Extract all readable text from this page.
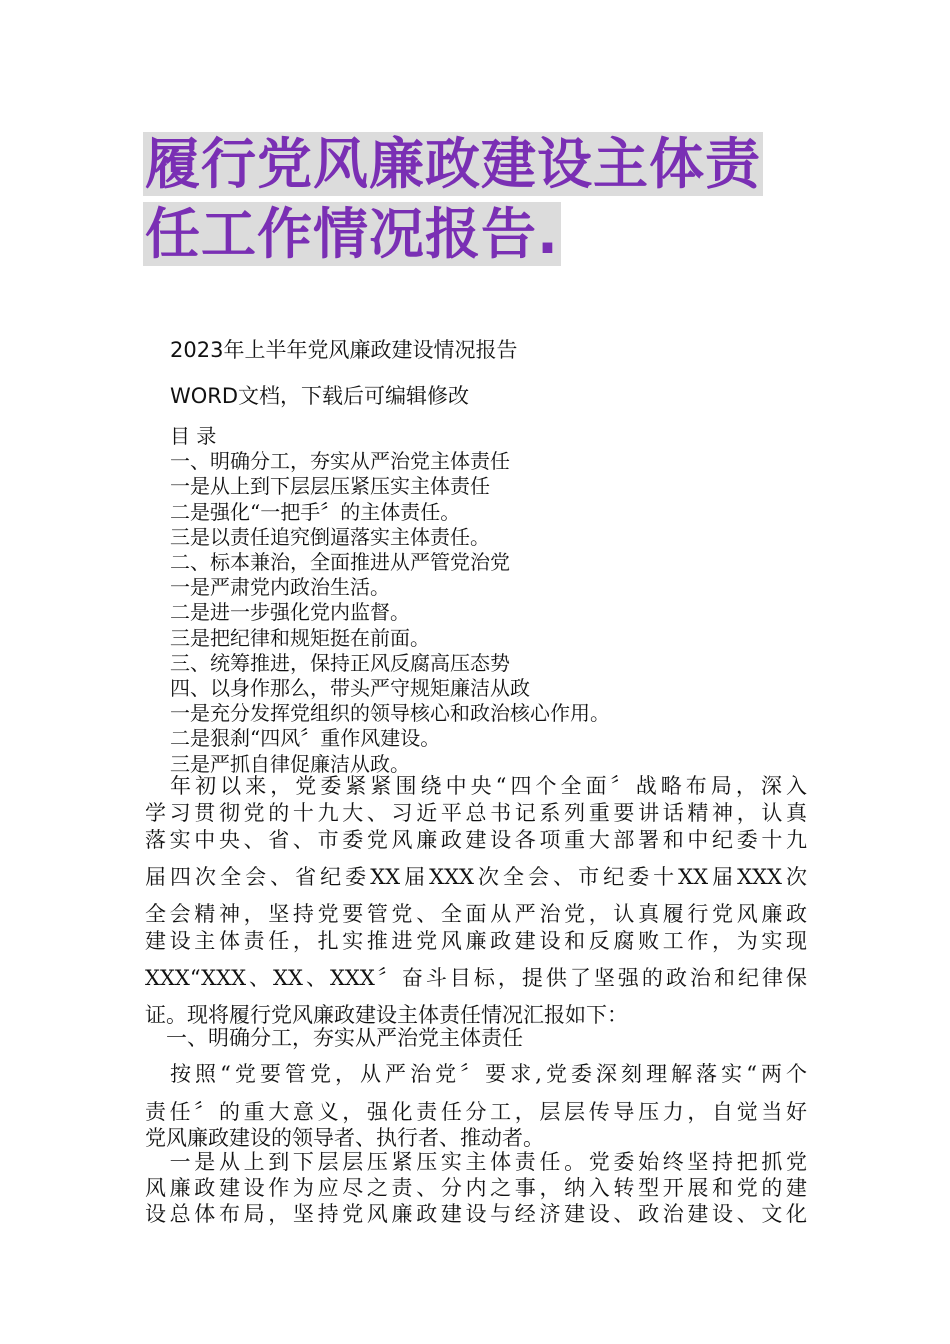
履行党风廉政建设主体责
任工作情况报告.
2023年上半年党风廉政建设情况报告
WORD文档，下载后可编辑修改
目 录
一、明确分工，夯实从严治党主体责任
一是从上到下层层压紧压实主体责任
二是强化“一把手〞的主体责任。
三是以责任追究倒逼落实主体责任。
二、标本兼治，全面推进从严管党治党
一是严肃党内政治生活。
二是进一步强化党内监督。
三是把纪律和规矩挺在前面。
三、统筹推进，保持正风反腐高压态势
四、以身作那么，带头严守规矩廉洁从政
一是充分发挥党组织的领导核心和政治核心作用。
二是狠刹“四风〞重作风建设。
三是严抓自律促廉洁从政。
　年初以来，党委紧紧围绕中央“四个全面〞战略布局，深入
学习贯彻党的十九大、习近平总书记系列重要讲话精神，认真
落实中央、省、市委党风廉政建设各项重大部署和中纪委十九
届四次全会、省纪委XX届XXX次全会、市纪委十XX届XXX次
全会精神，坚持党要管党、全面从严治党，认真履行党风廉政
建设主体责任，扎实推进党风廉政建设和反腐败工作，为实现
XXX“XXX、XX、XXX〞奋斗目标，提供了坚强的政治和纪律保
证。现将履行党风廉政建设主体责任情况汇报如下：
　一、明确分工，夯实从严治党主体责任
　按照“党要管党，从严治党〞要求,党委深刻理解落实“两个
责任〞的重大意义，强化责任分工，层层传导压力，自觉当好
党风廉政建设的领导者、执行者、推动者。
　一是从上到下层层压紧压实主体责任。党委始终坚持把抓党
风廉政建设作为应尽之责、分内之事，纳入转型开展和党的建
设总体布局，坚持党风廉政建设与经济建设、政治建设、文化
